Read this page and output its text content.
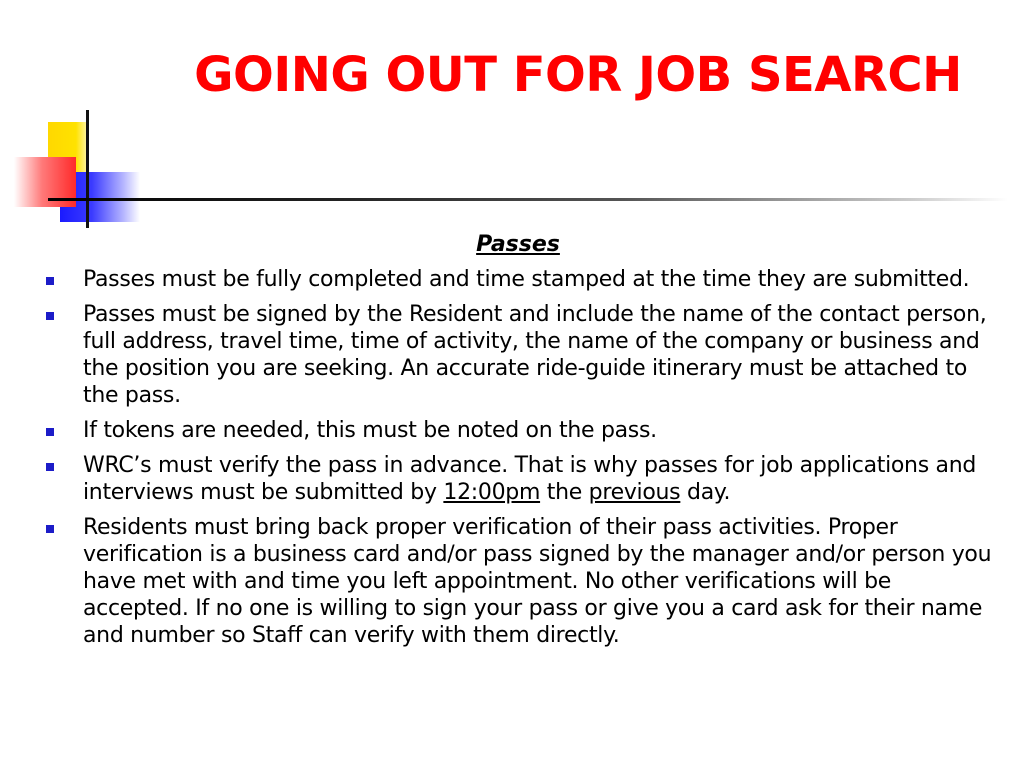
GOING OUT FOR JOB SEARCH

Passes

Passes must be fully completed and time stamped at the time they are submitted.
Passes must be signed by the Resident and include the name of the contact person, full address, travel time, time of activity, the name of the company or business and the position you are seeking. An accurate ride-guide itinerary must be attached to the pass.
If tokens are needed, this must be noted on the pass.
WRC’s must verify the pass in advance. That is why passes for job applications and interviews must be submitted by 12:00pm the previous day.
Residents must bring back proper verification of their pass activities. Proper verification is a business card and/or pass signed by the manager and/or person you have met with and time you left appointment. No other verifications will be accepted. If no one is willing to sign your pass or give you a card ask for their name and number so Staff can verify with them directly.
